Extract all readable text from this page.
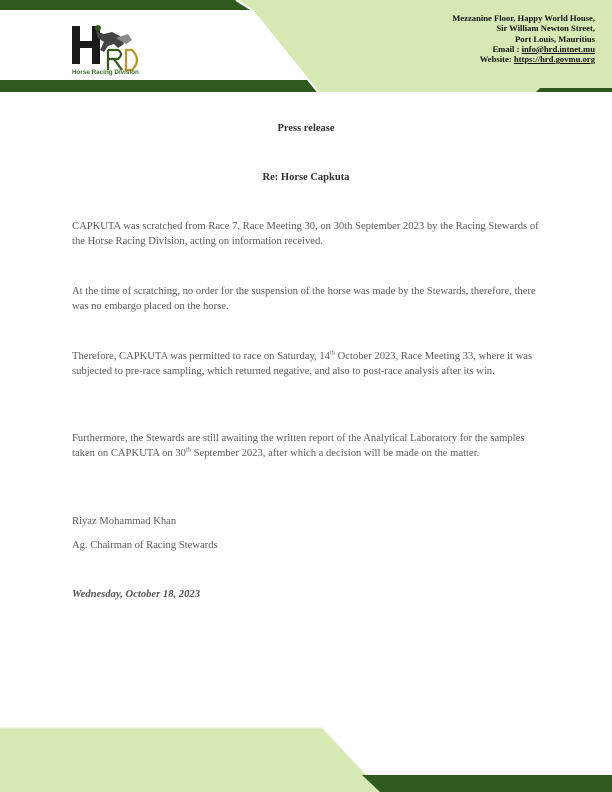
Horse Racing Division
Mezzanine Floor, Happy World House,
Sir William Newton Street,
Port Louis, Mauritius
Email : info@hrd.intnet.mu
Website: https://hrd.govmu.org
Press release
Re: Horse Capkuta
CAPKUTA was scratched from Race 7, Race Meeting 30, on 30th September 2023 by the Racing Stewards of the Horse Racing Division, acting on information received.
At the time of scratching, no order for the suspension of the horse was made by the Stewards, therefore, there was no embargo placed on the horse.
Therefore, CAPKUTA was permitted to race on Saturday, 14th October 2023, Race Meeting 33, where it was subjected to pre-race sampling, which returned negative, and also to post-race analysis after its win.
Furthermore, the Stewards are still awaiting the written report of the Analytical Laboratory for the samples taken on CAPKUTA on 30th September 2023, after which a decision will be made on the matter.
Riyaz Mohammad Khan
Ag. Chairman of Racing Stewards
Wednesday, October 18, 2023
